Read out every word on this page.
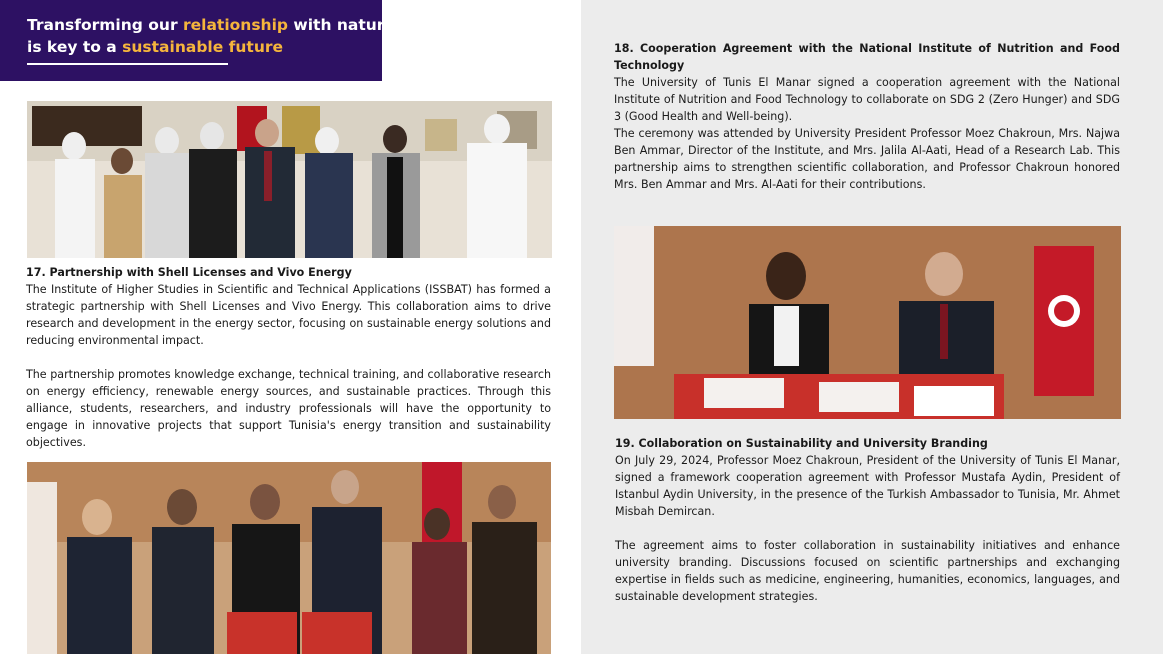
Transforming our relationship with nature
is key to a sustainable future
17. Partnership with Shell Licenses and Vivo Energy

The Institute of Higher Studies in Scientific and Technical Applications (ISSBAT) has formed a strategic partnership with Shell Licenses and Vivo Energy. This collaboration aims to drive research and development in the energy sector, focusing on sustainable energy solutions and reducing environmental impact.

The partnership promotes knowledge exchange, technical training, and collaborative research on energy efficiency, renewable energy sources, and sustainable practices. Through this alliance, students, researchers, and industry professionals will have the opportunity to engage in innovative projects that support Tunisia's energy transition and sustainability objectives.

18. Cooperation Agreement with the National Institute of Nutrition and Food Technology

The University of Tunis El Manar signed a cooperation agreement with the National Institute of Nutrition and Food Technology to collaborate on SDG 2 (Zero Hunger) and SDG 3 (Good Health and Well-being).

The ceremony was attended by University President Professor Moez Chakroun, Mrs. Najwa Ben Ammar, Director of the Institute, and Mrs. Jalila Al-Aati, Head of a Research Lab. This partnership aims to strengthen scientific collaboration, and Professor Chakroun honored Mrs. Ben Ammar and Mrs. Al-Aati for their contributions.

19. Collaboration on Sustainability and University Branding

On July 29, 2024, Professor Moez Chakroun, President of the University of Tunis El Manar, signed a framework cooperation agreement with Professor Mustafa Aydin, President of Istanbul Aydin University, in the presence of the Turkish Ambassador to Tunisia, Mr. Ahmet Misbah Demircan.

The agreement aims to foster collaboration in sustainability initiatives and enhance university branding. Discussions focused on scientific partnerships and exchanging expertise in fields such as medicine, engineering, humanities, economics, languages, and sustainable development strategies.
